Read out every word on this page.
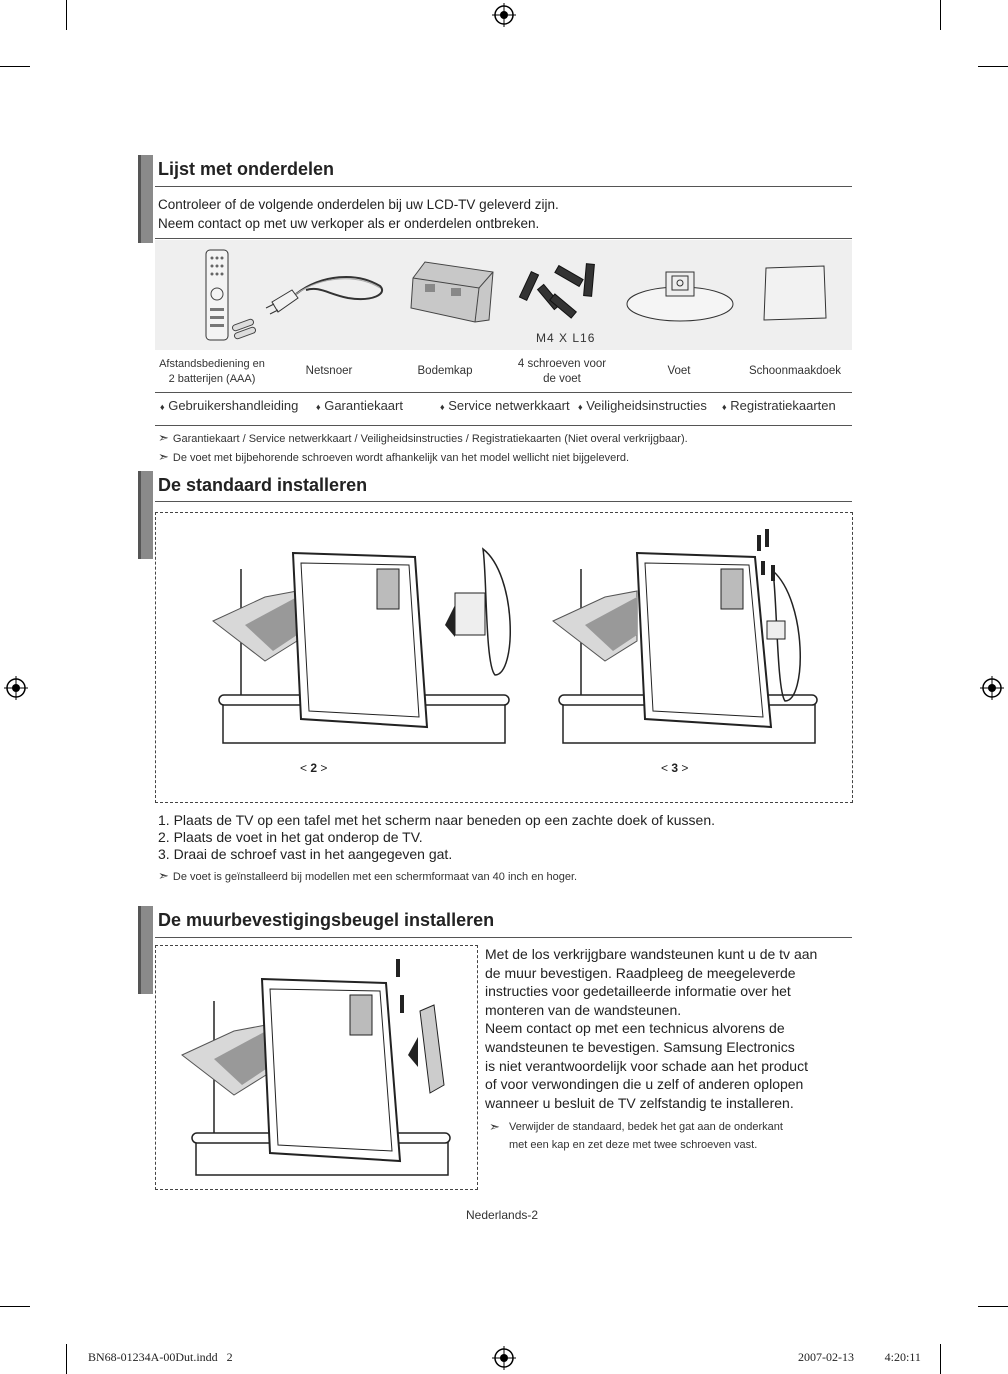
Lijst met onderdelen
Controleer of de volgende onderdelen bij uw LCD-TV geleverd zijn.
Neem contact op met uw verkoper als er onderdelen ontbreken.
M4 X L16
Afstandsbediening en
2 batterijen (AAA)
Netsnoer	Bodemkap
4 schroeven voor
de voet
Voet	Schoonmaakdoek
♦ Gebruikershandleiding ♦ Garantiekaart	♦ Service netwerkkaart ♦ Veiligheidsinstructies ♦ Registratiekaarten
➣ Garantiekaart / Service netwerkkaart / Veiligheidsinstructies / Registratiekaarten (Niet overal verkrijgbaar).
➣ De voet met bijbehorende schroeven wordt afhankelijk van het model wellicht niet bijgeleverd.
De standaard installeren
< 2 >	< 3 >
1. Plaats de TV op een tafel met het scherm naar beneden op een zachte doek of kussen.
2. Plaats de voet in het gat onderop de TV.
3. Draai de schroef vast in het aangegeven gat.
➣ De voet is geïnstalleerd bij modellen met een schermformaat van 40 inch en hoger.
De muurbevestigingsbeugel installeren
Met de los verkrijgbare wandsteunen kunt u de tv aan
de muur bevestigen. Raadpleeg de meegeleverde
instructies voor gedetailleerde informatie over het
monteren van de wandsteunen.
Neem contact op met een technicus alvorens de
wandsteunen te bevestigen. Samsung Electronics
is niet verantwoordelijk voor schade aan het product
of voor verwondingen die u zelf of anderen oplopen
wanneer u besluit de TV zelfstandig te installeren.
➣ Verwijder de standaard, bedek het gat aan de onderkant
met een kap en zet deze met twee schroeven vast.
Nederlands-2
BN68-01234A-00Dut.indd   2	2007-02-13   ￿￿ 4:20:11
